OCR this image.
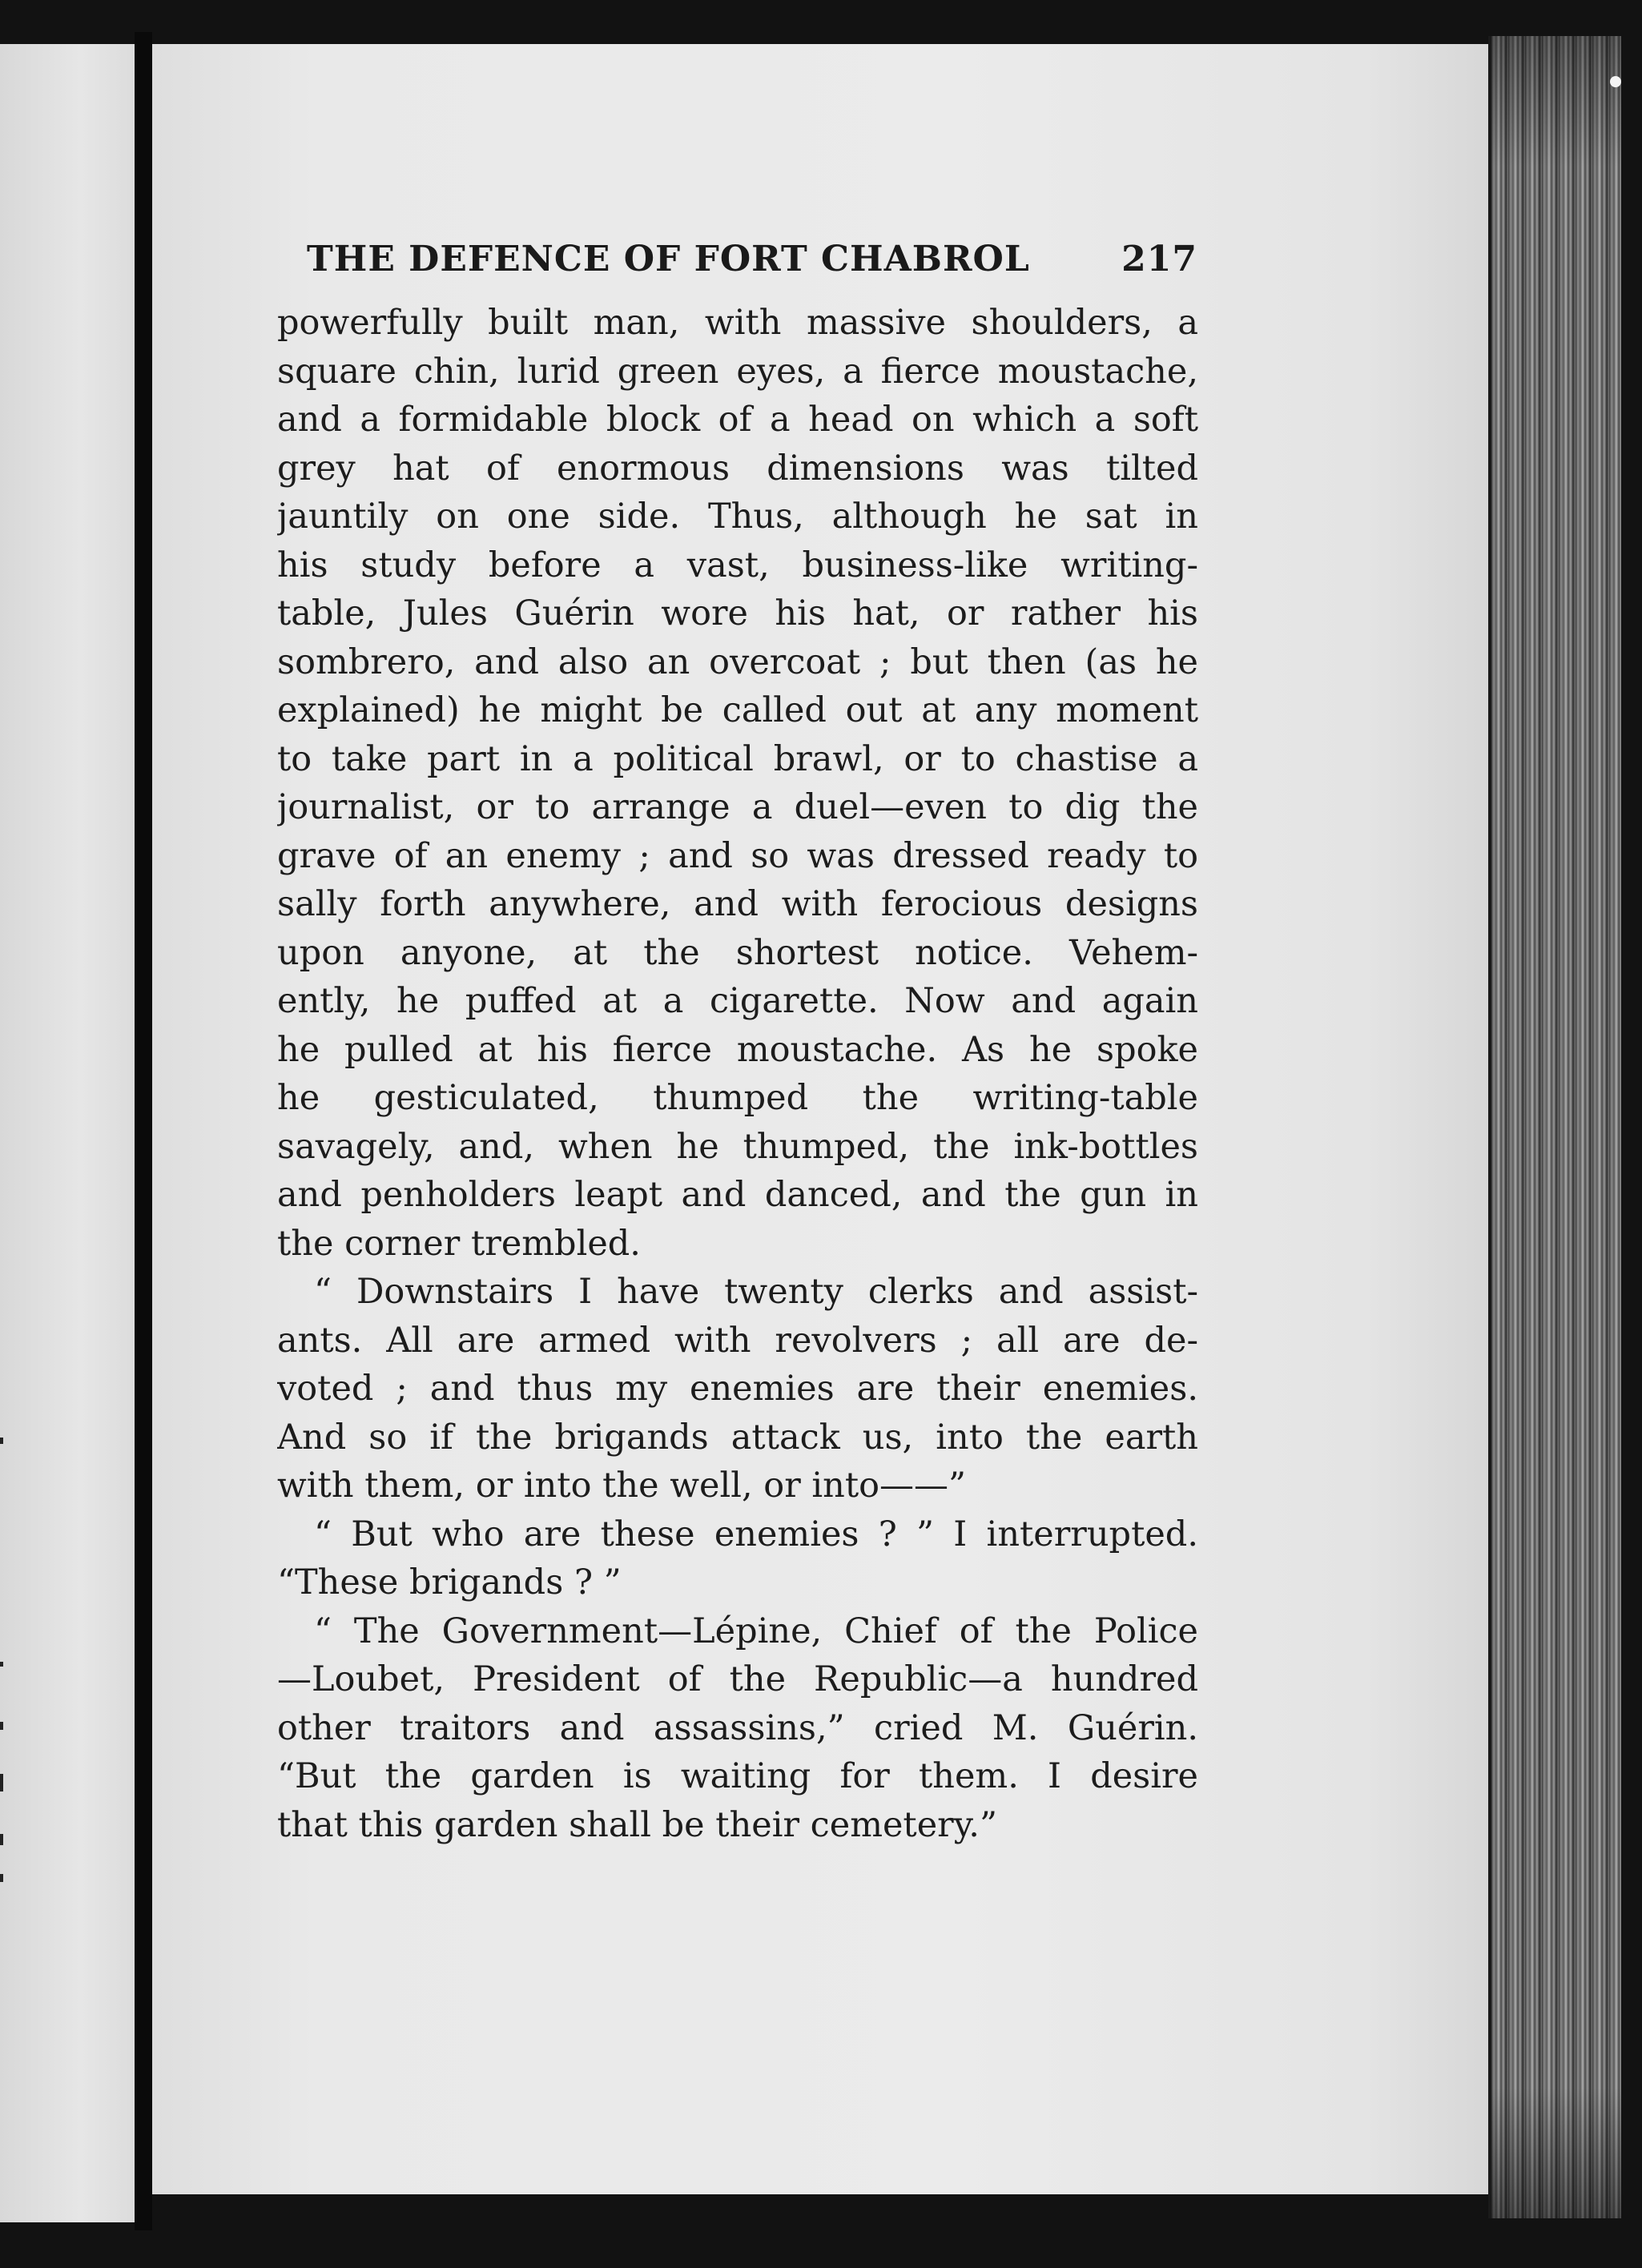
THE DEFENCE OF FORT CHABROL	217
powerfully built man, with massive shoulders, a
square chin, lurid green eyes, a fierce moustache,
and a formidable block of a head on which a soft
grey hat of enormous dimensions was tilted
jauntily on one side. Thus, although he sat in
his study before a vast, business-like writing-
table, Jules Guérin wore his hat, or rather his
sombrero, and also an overcoat ; but then (as he
explained) he might be called out at any moment
to take part in a political brawl, or to chastise a
journalist, or to arrange a duel—even to dig the
grave of an enemy ; and so was dressed ready to
sally forth anywhere, and with ferocious designs
upon anyone, at the shortest notice. Vehem-
ently, he puffed at a cigarette. Now and again
he pulled at his fierce moustache. As he spoke
he gesticulated, thumped the writing-table
savagely, and, when he thumped, the ink-bottles
and penholders leapt and danced, and the gun in
the corner trembled.
“ Downstairs I have twenty clerks and assist-
ants. All are armed with revolvers ; all are de-
voted ; and thus my enemies are their enemies.
And so if the brigands attack us, into the earth
with them, or into the well, or into——”
“ But who are these enemies ? ” I interrupted.
“These brigands ? ”
“ The Government—Lépine, Chief of the Police
—Loubet, President of the Republic—a hundred
other traitors and assassins,” cried M. Guérin.
“But the garden is waiting for them. I desire
that this garden shall be their cemetery.”
